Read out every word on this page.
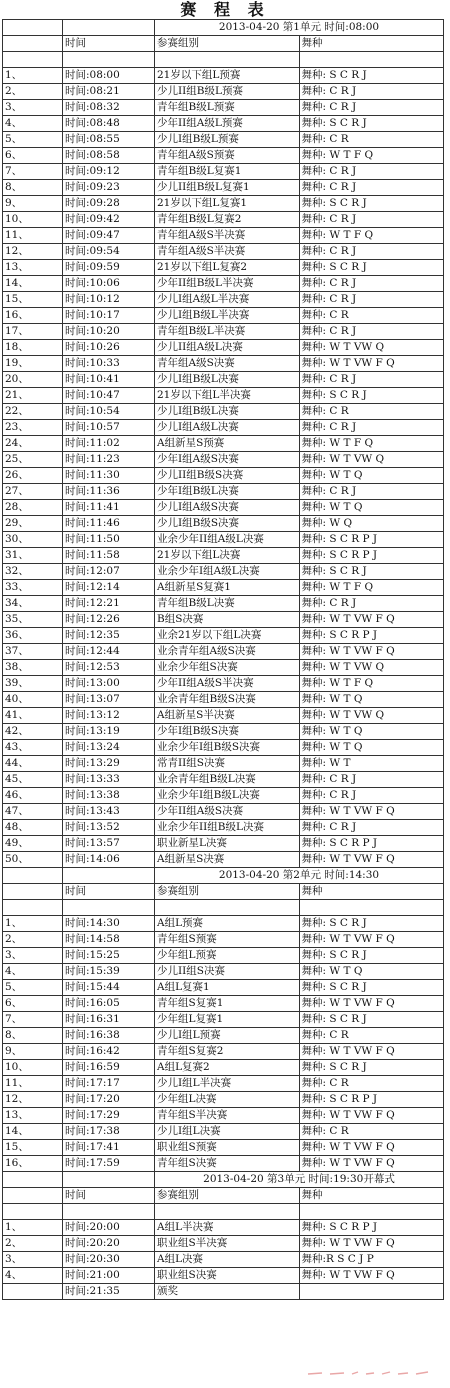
赛 程 表
		2013-04-20 第1单元 时间:08:00	
	时间	参赛组别	舞种

1、	时间:08:00	21岁以下组L预赛	舞种: S C R J
2、	时间:08:21	少儿II组B级L预赛	舞种: C R J
3、	时间:08:32	青年组B级L预赛	舞种: C R J
4、	时间:08:48	少年II组A级L预赛	舞种: S C R J
5、	时间:08:55	少儿I组B级L预赛	舞种: C R
6、	时间:08:58	青年组A级S预赛	舞种: W T F Q
7、	时间:09:12	青年组B级L复赛1	舞种: C R J
8、	时间:09:23	少儿II组B级L复赛1	舞种: C R J
9、	时间:09:28	21岁以下组L复赛1	舞种: S C R J
10、	时间:09:42	青年组B级L复赛2	舞种: C R J
11、	时间:09:47	青年组A级S半决赛	舞种: W T F Q
12、	时间:09:54	青年组A级S半决赛	舞种: C R J
13、	时间:09:59	21岁以下组L复赛2	舞种: S C R J
14、	时间:10:06	少年II组B级L半决赛	舞种: C R J
15、	时间:10:12	少儿I组A级L半决赛	舞种: C R J
16、	时间:10:17	少儿I组B级L半决赛	舞种: C R
17、	时间:10:20	青年组B级L半决赛	舞种: C R J
18、	时间:10:26	少儿II组A级L决赛	舞种: W T VW Q
19、	时间:10:33	青年组A级S决赛	舞种: W T VW F Q
20、	时间:10:41	少儿I组B级L决赛	舞种: C R J
21、	时间:10:47	21岁以下组L半决赛	舞种: S C R J
22、	时间:10:54	少儿I组B级L决赛	舞种: C R
23、	时间:10:57	少儿I组A级L决赛	舞种: C R J
24、	时间:11:02	A组新星S预赛	舞种: W T F Q
25、	时间:11:23	少年I组A级S决赛	舞种: W T VW Q
26、	时间:11:30	少儿II组B级S决赛	舞种: W T Q
27、	时间:11:36	少年I组B级L决赛	舞种: C R J
28、	时间:11:41	少儿I组A级S决赛	舞种: W T Q
29、	时间:11:46	少儿I组B级S决赛	舞种: W Q
30、	时间:11:50	业余少年II组A级L决赛	舞种: S C R P J
31、	时间:11:58	21岁以下组L决赛	舞种: S C R P J
32、	时间:12:07	业余少年I组A级L决赛	舞种: S C R J
33、	时间:12:14	A组新星S复赛1	舞种: W T F Q
34、	时间:12:21	青年组B级L决赛	舞种: C R J
35、	时间:12:26	B组S决赛	舞种: W T VW F Q
36、	时间:12:35	业余21岁以下组L决赛	舞种: S C R P J
37、	时间:12:44	业余青年组A级S决赛	舞种: W T VW F Q
38、	时间:12:53	业余少年组S决赛	舞种: W T VW Q
39、	时间:13:00	少年II组A级S半决赛	舞种: W T F Q
40、	时间:13:07	业余青年组B级S决赛	舞种: W T Q
41、	时间:13:12	A组新星S半决赛	舞种: W T VW Q
42、	时间:13:19	少年I组B级S决赛	舞种: W T Q
43、	时间:13:24	业余少年I组B级S决赛	舞种: W T Q
44、	时间:13:29	常青II组S决赛	舞种: W T
45、	时间:13:33	业余青年组B级L决赛	舞种: C R J
46、	时间:13:38	业余少年I组B级L决赛	舞种: C R J
47、	时间:13:43	少年II组A级S决赛	舞种: W T VW F Q
48、	时间:13:52	业余少年II组B级L决赛	舞种: C R J
49、	时间:13:57	职业新星L决赛	舞种: S C R P J
50、	时间:14:06	A组新星S决赛	舞种: W T VW F Q
		2013-04-20 第2单元 时间:14:30	
	时间	参赛组别	舞种

1、	时间:14:30	A组L预赛	舞种: S C R J
2、	时间:14:58	青年组S预赛	舞种: W T VW F Q
3、	时间:15:25	少年组L预赛	舞种: S C R J
4、	时间:15:39	少儿II组S决赛	舞种: W T Q
5、	时间:15:44	A组L复赛1	舞种: S C R J
6、	时间:16:05	青年组S复赛1	舞种: W T VW F Q
7、	时间:16:31	少年组L复赛1	舞种: S C R J
8、	时间:16:38	少儿I组L预赛	舞种: C R
9、	时间:16:42	青年组S复赛2	舞种: W T VW F Q
10、	时间:16:59	A组L复赛2	舞种: S C R J
11、	时间:17:17	少儿I组L半决赛	舞种: C R
12、	时间:17:20	少年组L决赛	舞种: S C R P J
13、	时间:17:29	青年组S半决赛	舞种: W T VW F Q
14、	时间:17:38	少儿I组L决赛	舞种: C R
15、	时间:17:41	职业组S预赛	舞种: W T VW F Q
16、	时间:17:59	青年组S决赛	舞种: W T VW F Q
		2013-04-20 第3单元 时间:19:30开幕式	
	时间	参赛组别	舞种

1、	时间:20:00	A组L半决赛	舞种: S C R P J
2、	时间:20:20	职业组S半决赛	舞种: W T VW F Q
3、	时间:20:30	A组L决赛	舞种:R S C J P
4、	时间:21:00	职业组S决赛	舞种: W T VW F Q
	时间:21:35	颁奖	
